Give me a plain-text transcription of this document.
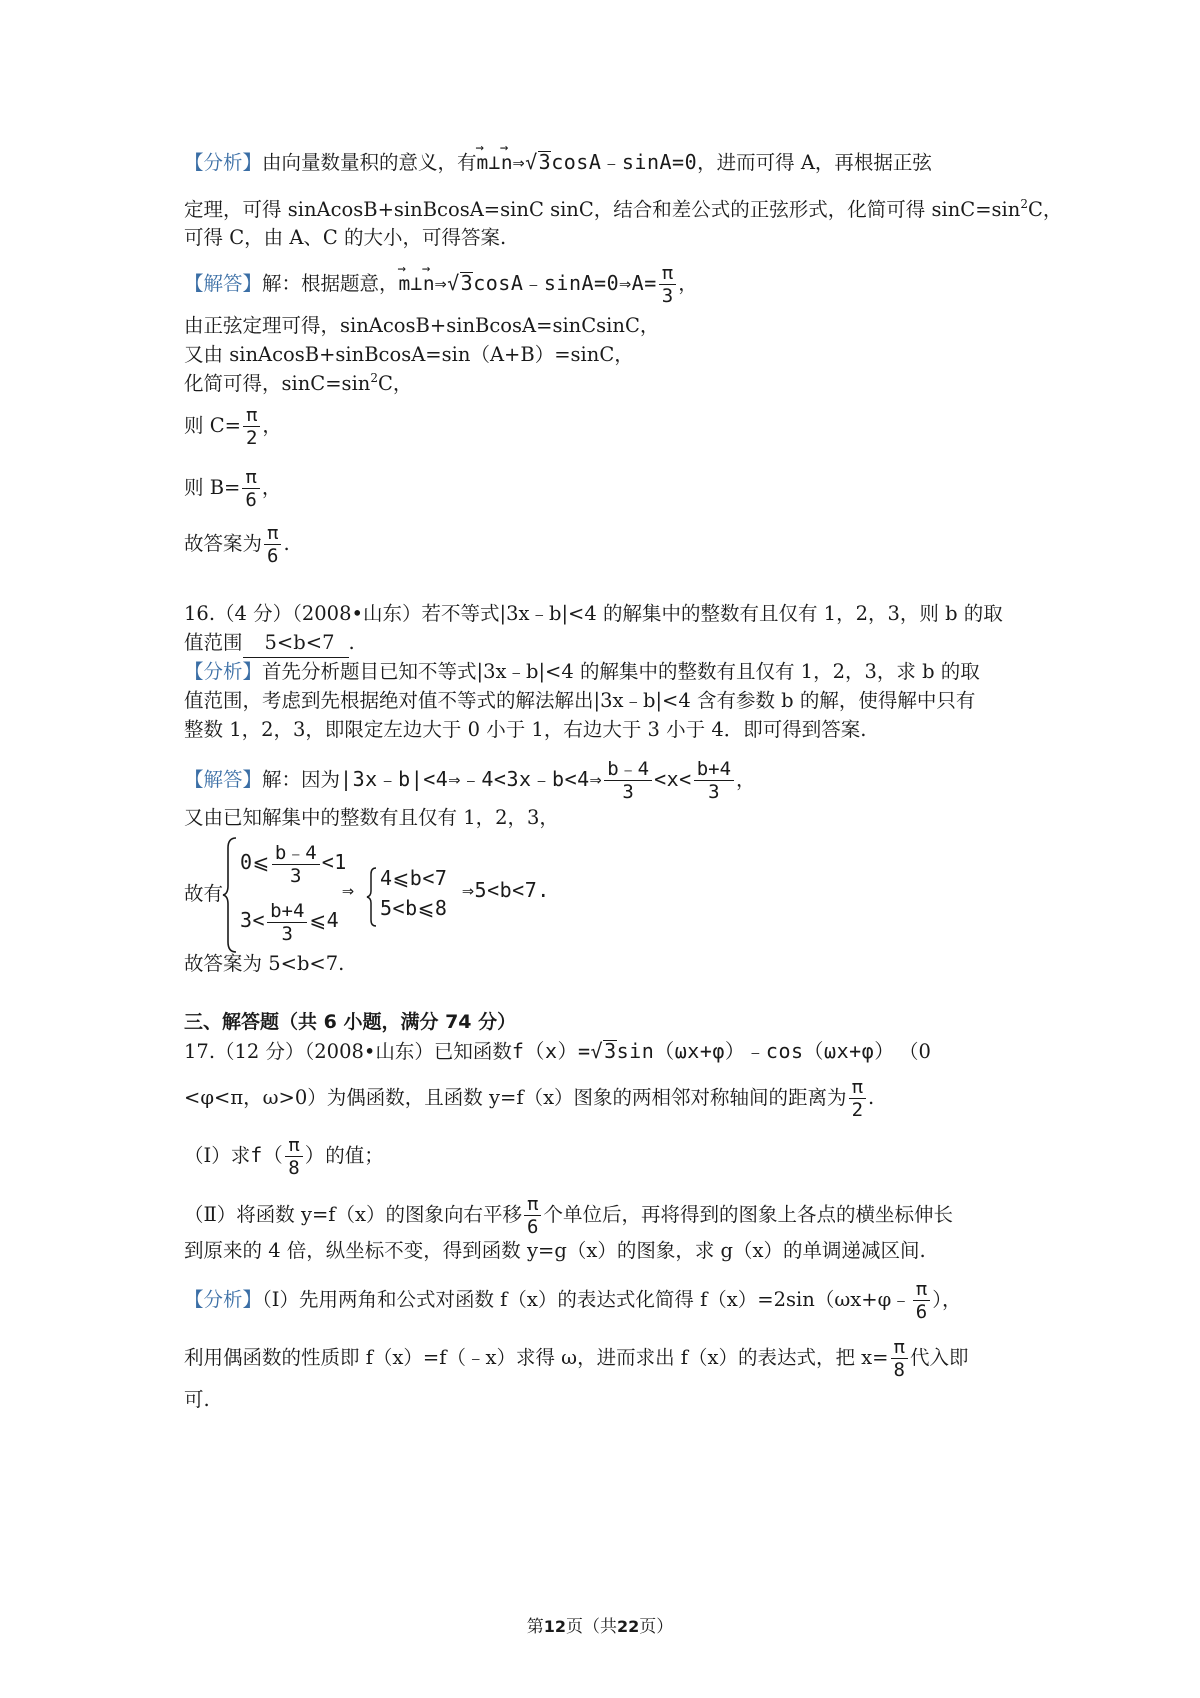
【分析】由向量数量积的意义，有→ m⊥→ n⇒√3cosA﹣sinA=0，进而可得 A，再根据正弦
定理，可得 sinAcosB+sinBcosA=sinC sinC，结合和差公式的正弦形式，化简可得 $\sin C=\sin^2C$，
可得 C，由 A、C 的大小，可得答案.
【解答】解：根据题意，→ m⊥→ n⇒√3cosA﹣sinA=0⇒A= $\frac{\pi}{3}$ ，
由正弦定理可得，sinAcosB+sinBcosA=sinCsinC，
又由 sinAcosB+sinBcosA=sin（A+B）=sinC，
化简可得，$\sin C=\sin^2C$，
则 $C= \frac{\pi}{2}$ ，
则 $B= \frac{\pi}{6}$ ，
故答案为 $\frac{\pi}{6}$ .
16.（4 分）（2008•山东）若不等式|3x﹣b|<4 的解集中的整数有且仅有 1，2，3，则 b 的取
值范围 5<b<7 .
【分析】首先分析题目已知不等式|3x﹣b|<4 的解集中的整数有且仅有 1，2，3，求 b 的取
值范围，考虑到先根据绝对值不等式的解法解出|3x﹣b|<4 含有参数 b 的解，使得解中只有
整数 1，2，3，即限定左边大于 0 小于 1，右边大于 3 小于 4．即可得到答案.
【解答】解：因为|3x﹣b|<4⇒﹣4<3x﹣b<4⇒ $\frac{b﹣4}{3} <x< \frac{b+4}{3}$ ，
又由已知解集中的整数有且仅有 1，2，3，
故有
0⩽ $\frac{b﹣4}{3} <1$
$3< \frac{b+4}{3}$ ⩽4
⇒ 4⩽b<7
5<b⩽8
⇒5<b<7.
故答案为 5<b<7.
三、解答题（共 6 小题，满分 74 分）
17.（12 分）（2008•山东）已知函数f（x）=√3sin（ωx+φ）﹣cos（ωx+φ） （0
<φ<π，ω>0）为偶函数，且函数 y=f（x）图象的两相邻对称轴间的距离为 $\frac{\pi}{2}$ .
（Ⅰ）求$f( \frac{\pi}{8}$ ）的值；
（Ⅱ）将函数 y=f（x）的图象向右平移 $\frac{\pi}{6}$ 个单位后，再将得到的图象上各点的横坐标伸长
到原来的 4 倍，纵坐标不变，得到函数 y=g（x）的图象，求 g（x）的单调递减区间.
【分析】（Ⅰ）先用两角和公式对函数 f（x）的表达式化简得 f（x）=2sin（ωx+φ﹣ $\frac{\pi}{6}$ ），
利用偶函数的性质即 f（x）=f（﹣x）求得 ω，进而求出 f（x）的表达式，把 $x= \frac{\pi}{8}$ 代入即
可.
第12页（共22页）
